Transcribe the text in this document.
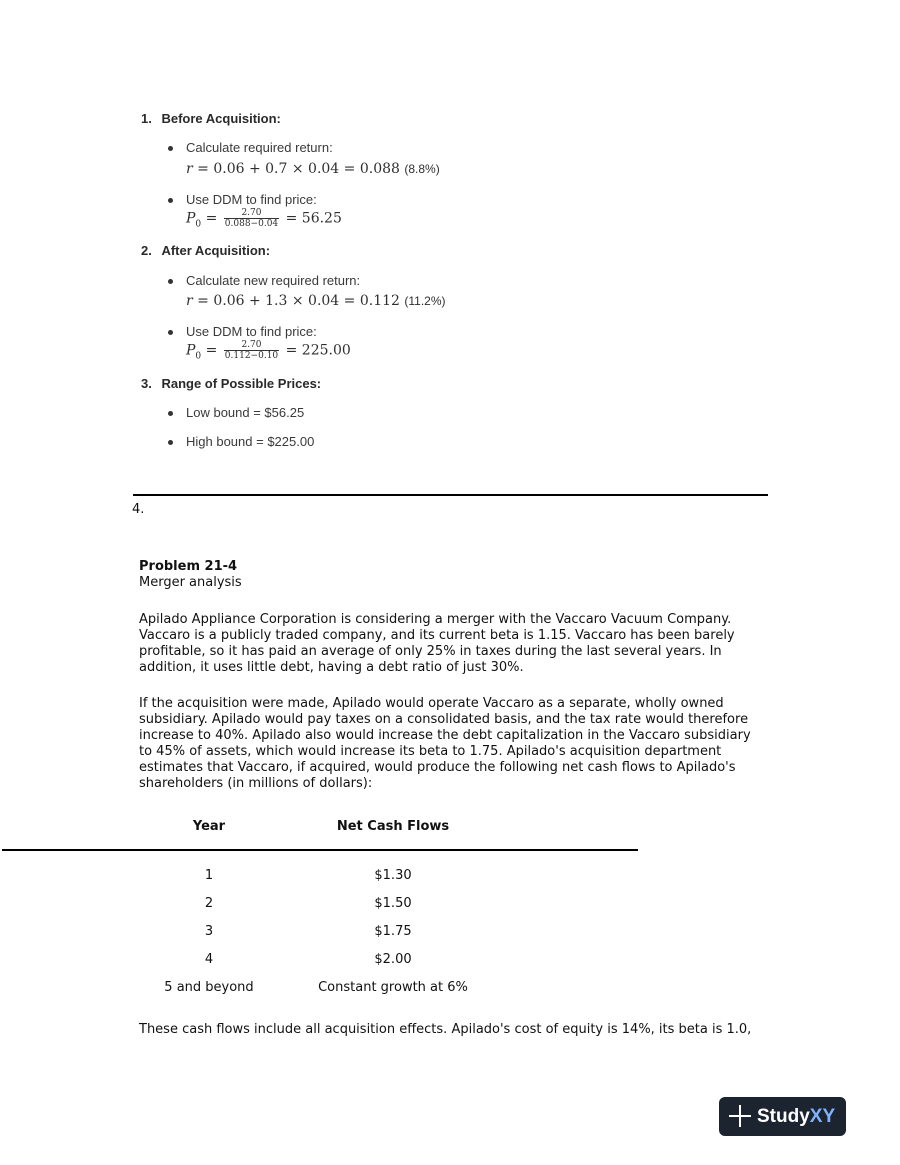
1. Before Acquisition:
Calculate required return:
r = 0.06 + 0.7 × 0.04 = 0.088 (8.8%)
Use DDM to find price:
$P_0 = \frac{2.70}{0.088-0.04} = 56.25$
2. After Acquisition:
Calculate new required return:
r = 0.06 + 1.3 × 0.04 = 0.112 (11.2%)
Use DDM to find price:
$P_0 = \frac{2.70}{0.112-0.10} = 225.00$
3. Range of Possible Prices:
Low bound = $56.25
High bound = $225.00
4.
Problem 21-4
Merger analysis
Apilado Appliance Corporation is considering a merger with the Vaccaro Vacuum Company.
Vaccaro is a publicly traded company, and its current beta is 1.15. Vaccaro has been barely
profitable, so it has paid an average of only 25% in taxes during the last several years. In
addition, it uses little debt, having a debt ratio of just 30%.
If the acquisition were made, Apilado would operate Vaccaro as a separate, wholly owned
subsidiary. Apilado would pay taxes on a consolidated basis, and the tax rate would therefore
increase to 40%. Apilado also would increase the debt capitalization in the Vaccaro subsidiary
to 45% of assets, which would increase its beta to 1.75. Apilado's acquisition department
estimates that Vaccaro, if acquired, would produce the following net cash flows to Apilado's
shareholders (in millions of dollars):
Year	Net Cash Flows
1	$1.30
2	$1.50
3	$1.75
4	$2.00
5 and beyond	Constant growth at 6%
These cash flows include all acquisition effects. Apilado's cost of equity is 14%, its beta is 1.0,
StudyXY
